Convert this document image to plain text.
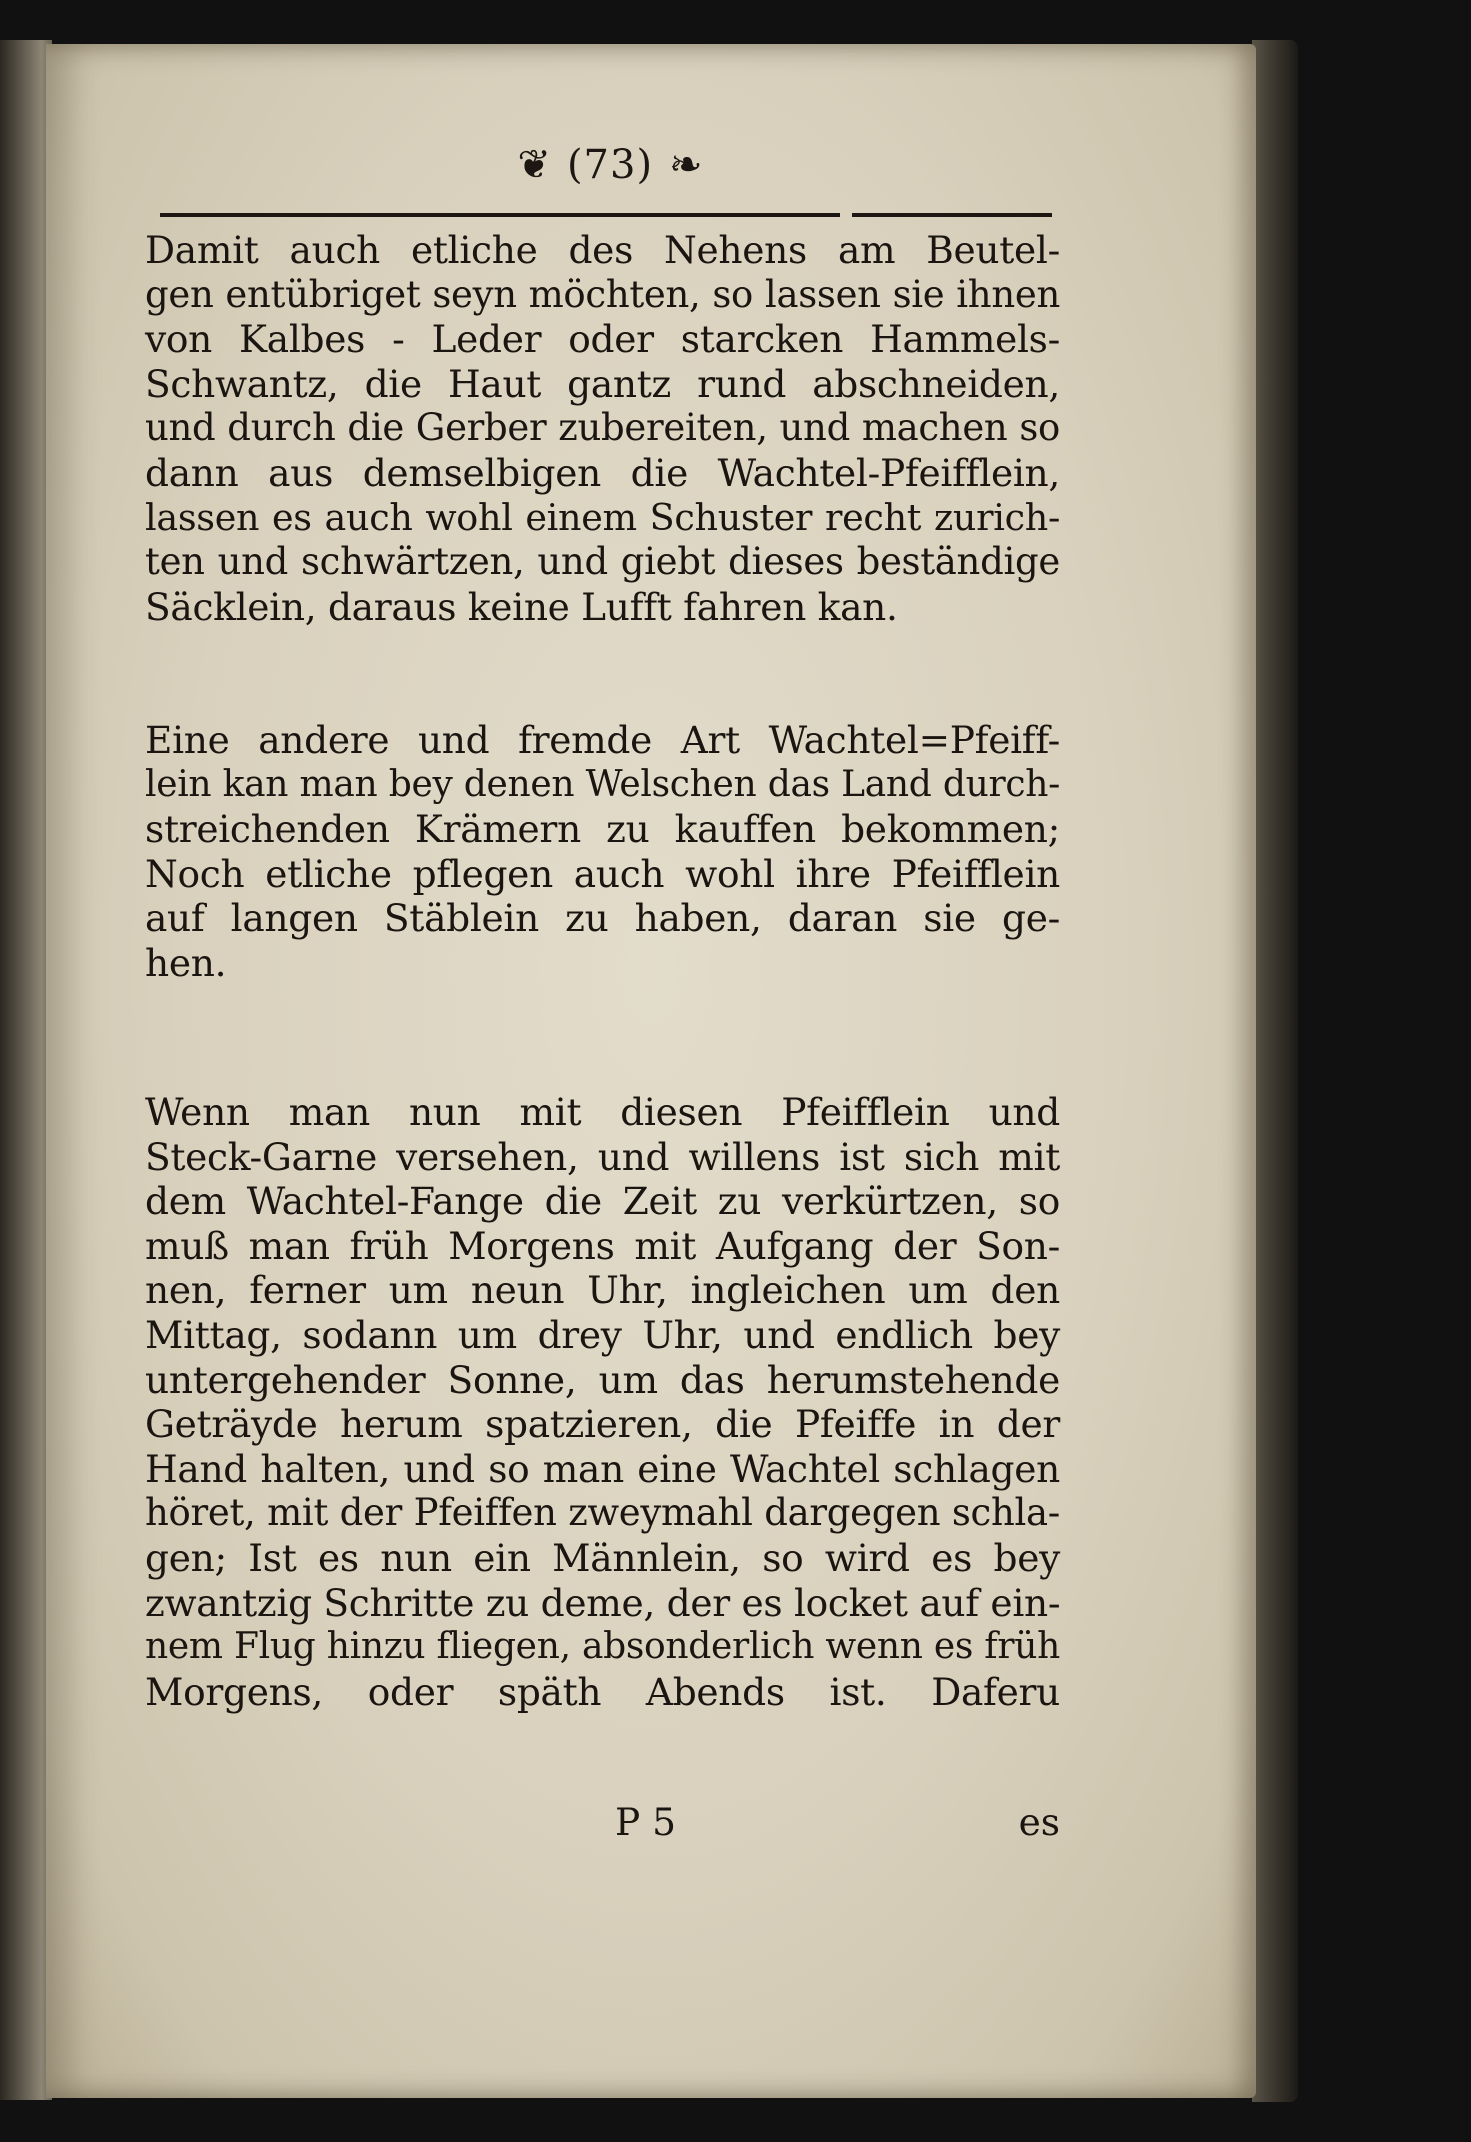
❦ (73) ❧

Damit auch etliche des Nehens am Beutel-
gen entübriget seyn möchten, so lassen sie ihnen
von Kalbes - Leder oder starcken Hammels-
Schwantz, die Haut gantz rund abschneiden,
und durch die Gerber zubereiten, und machen so
dann aus demselbigen die Wachtel-Pfeifflein,
lassen es auch wohl einem Schuster recht zurich-
ten und schwärtzen, und giebt dieses beständige
Säcklein, daraus keine Lufft fahren kan.

Eine andere und fremde Art Wachtel=Pfeiff-
lein kan man bey denen Welschen das Land durch-
streichenden Krämern zu kauffen bekommen;
Noch etliche pflegen auch wohl ihre Pfeifflein
auf langen Stäblein zu haben, daran sie ge-
hen.

Wenn man nun mit diesen Pfeifflein und
Steck-Garne versehen, und willens ist sich mit
dem Wachtel-Fange die Zeit zu verkürtzen, so
muß man früh Morgens mit Aufgang der Son-
nen, ferner um neun Uhr, ingleichen um den
Mittag, sodann um drey Uhr, und endlich bey
untergehender Sonne, um das herumstehende
Geträyde herum spatzieren, die Pfeiffe in der
Hand halten, und so man eine Wachtel schlagen
höret, mit der Pfeiffen zweymahl dargegen schla-
gen; Ist es nun ein Männlein, so wird es bey
zwantzig Schritte zu deme, der es locket auf ein-
nem Flug hinzu fliegen, absonderlich wenn es früh
Morgens, oder späth Abends ist. Daferu

P 5	es
